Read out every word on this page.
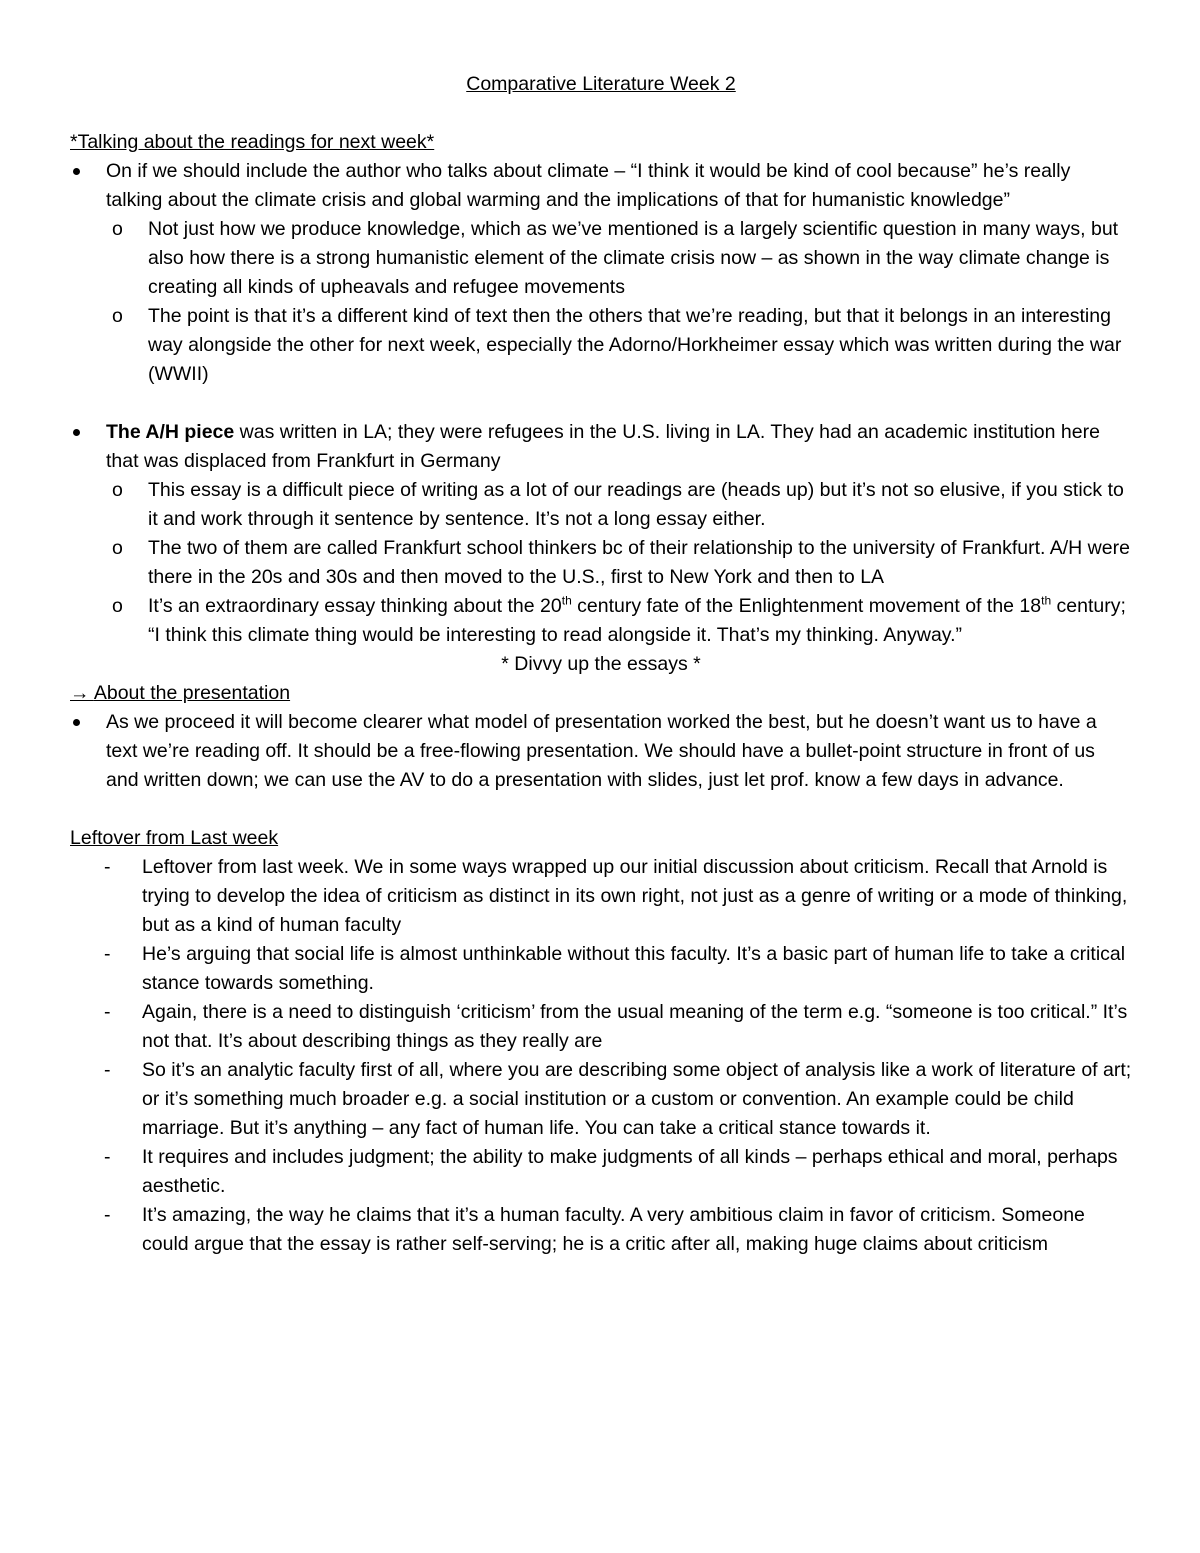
Comparative Literature Week 2
*Talking about the readings for next week*
On if we should include the author who talks about climate – “I think it would be kind of cool because” he’s really talking about the climate crisis and global warming and the implications of that for humanistic knowledge”
o Not just how we produce knowledge, which as we’ve mentioned is a largely scientific question in many ways, but also how there is a strong humanistic element of the climate crisis now – as shown in the way climate change is creating all kinds of upheavals and refugee movements
o The point is that it’s a different kind of text then the others that we’re reading, but that it belongs in an interesting way alongside the other for next week, especially the Adorno/Horkheimer essay which was written during the war (WWII)
The A/H piece was written in LA; they were refugees in the U.S. living in LA. They had an academic institution here that was displaced from Frankfurt in Germany
o This essay is a difficult piece of writing as a lot of our readings are (heads up) but it’s not so elusive, if you stick to it and work through it sentence by sentence. It’s not a long essay either.
o The two of them are called Frankfurt school thinkers bc of their relationship to the university of Frankfurt. A/H were there in the 20s and 30s and then moved to the U.S., first to New York and then to LA
o It’s an extraordinary essay thinking about the 20th century fate of the Enlightenment movement of the 18th century; “I think this climate thing would be interesting to read alongside it. That’s my thinking. Anyway.”
* Divvy up the essays *
→ About the presentation
As we proceed it will become clearer what model of presentation worked the best, but he doesn’t want us to have a text we’re reading off. It should be a free-flowing presentation. We should have a bullet-point structure in front of us and written down; we can use the AV to do a presentation with slides, just let prof. know a few days in advance.
Leftover from Last week
- Leftover from last week. We in some ways wrapped up our initial discussion about criticism. Recall that Arnold is trying to develop the idea of criticism as distinct in its own right, not just as a genre of writing or a mode of thinking, but as a kind of human faculty
- He’s arguing that social life is almost unthinkable without this faculty. It’s a basic part of human life to take a critical stance towards something.
- Again, there is a need to distinguish ‘criticism’ from the usual meaning of the term e.g. “someone is too critical.” It’s not that. It’s about describing things as they really are
- So it’s an analytic faculty first of all, where you are describing some object of analysis like a work of literature of art; or it’s something much broader e.g. a social institution or a custom or convention. An example could be child marriage. But it’s anything – any fact of human life. You can take a critical stance towards it.
- It requires and includes judgment; the ability to make judgments of all kinds – perhaps ethical and moral, perhaps aesthetic.
- It’s amazing, the way he claims that it’s a human faculty. A very ambitious claim in favor of criticism. Someone could argue that the essay is rather self-serving; he is a critic after all, making huge claims about criticism
